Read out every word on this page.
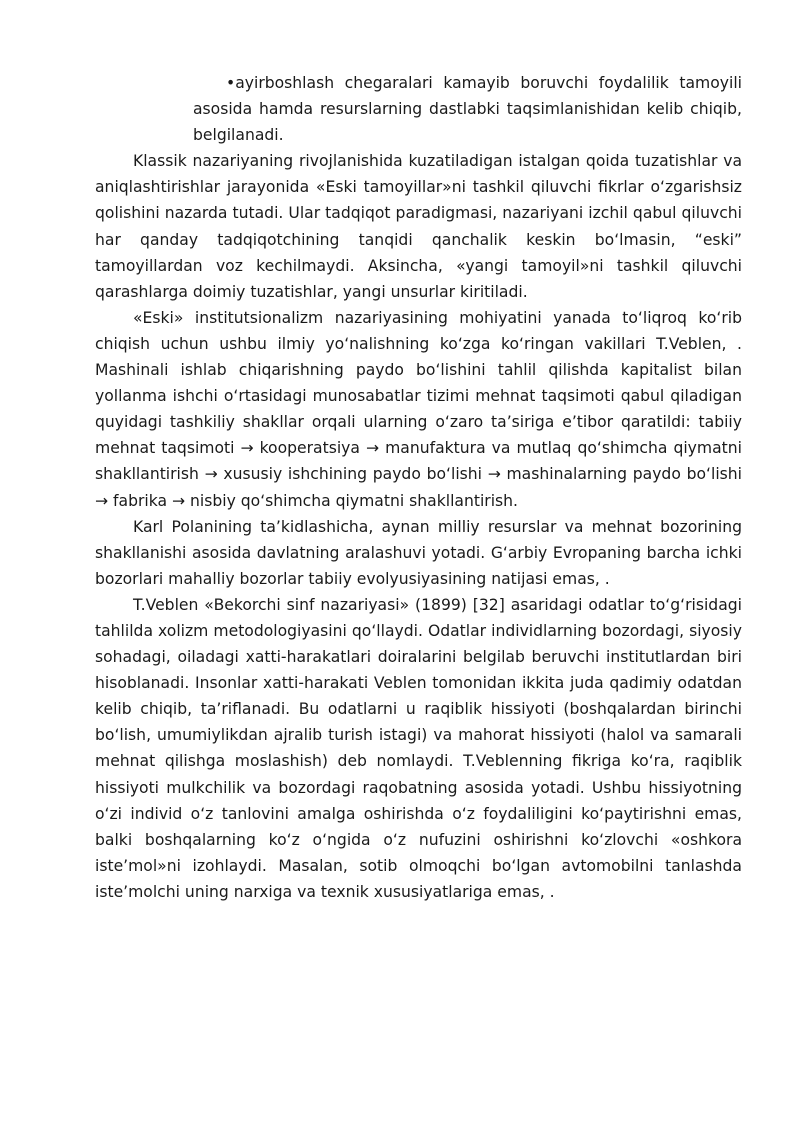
•ayirboshlash chegaralari kamayib boruvchi foydalilik tamoyili asosida hamda resurslarning dastlabki taqsimlanishidan kelib chiqib, belgilanadi.

Klassik nazariyaning rivojlanishida kuzatiladigan istalgan qoida tuzatishlar va aniqlashtirishlar jarayonida «Eski tamoyillar»ni tashkil qiluvchi fikrlar o‘zgarishsiz qolishini nazarda tutadi. Ular tadqiqot paradigmasi, nazariyani izchil qabul qiluvchi har qanday tadqiqotchining tanqidi qanchalik keskin bo‘lmasin, “eski” tamoyillardan voz kechilmaydi. Aksincha, «yangi tamoyil»ni tashkil qiluvchi qarashlarga doimiy tuzatishlar, yangi unsurlar kiritiladi.

«Eski» institutsionalizm nazariyasining mohiyatini yanada to‘liqroq ko‘rib chiqish uchun ushbu ilmiy yo‘nalishning ko‘zga ko‘ringan vakillari T.Veblen, . Mashinali ishlab chiqarishning paydo bo‘lishini tahlil qilishda kapitalist bilan yollanma ishchi o‘rtasidagi munosabatlar tizimi mehnat taqsimoti qabul qiladigan quyidagi tashkiliy shakllar orqali ularning o‘zaro ta’siriga e’tibor qaratildi: tabiiy mehnat taqsimoti → kooperatsiya → manufaktura va mutlaq qo‘shimcha qiymatni shakllantirish → xususiy ishchining paydo bo‘lishi → mashinalarning paydo bo‘lishi → fabrika → nisbiy qo‘shimcha qiymatni shakllantirish.

Karl Polanining ta’kidlashicha, aynan milliy resurslar va mehnat bozorining shakllanishi asosida davlatning aralashuvi yotadi. G‘arbiy Evropaning barcha ichki bozorlari mahalliy bozorlar tabiiy evolyusiyasining natijasi emas, .

T.Veblen «Bekorchi sinf nazariyasi» (1899) [32] asaridagi odatlar to‘g‘risidagi tahlilda xolizm metodologiyasini qo‘llaydi. Odatlar individlarning bozordagi, siyosiy sohadagi, oiladagi xatti-harakatlari doiralarini belgilab beruvchi institutlardan biri hisoblanadi. Insonlar xatti-harakati Veblen tomonidan ikkita juda qadimiy odatdan kelib chiqib, ta’riflanadi. Bu odatlarni u raqiblik hissiyoti (boshqalardan birinchi bo‘lish, umumiylikdan ajralib turish istagi) va mahorat hissiyoti (halol va samarali mehnat qilishga moslashish) deb nomlaydi. T.Veblenning fikriga ko‘ra, raqiblik hissiyoti mulkchilik va bozordagi raqobatning asosida yotadi. Ushbu hissiyotning o‘zi individ o‘z tanlovini amalga oshirishda o‘z foydaliligini ko‘paytirishni emas, balki boshqalarning ko‘z o‘ngida o‘z nufuzini oshirishni ko‘zlovchi «oshkora iste’mol»ni izohlaydi. Masalan, sotib olmoqchi bo‘lgan avtomobilni tanlashda iste’molchi uning narxiga va texnik xususiyatlariga emas, .
